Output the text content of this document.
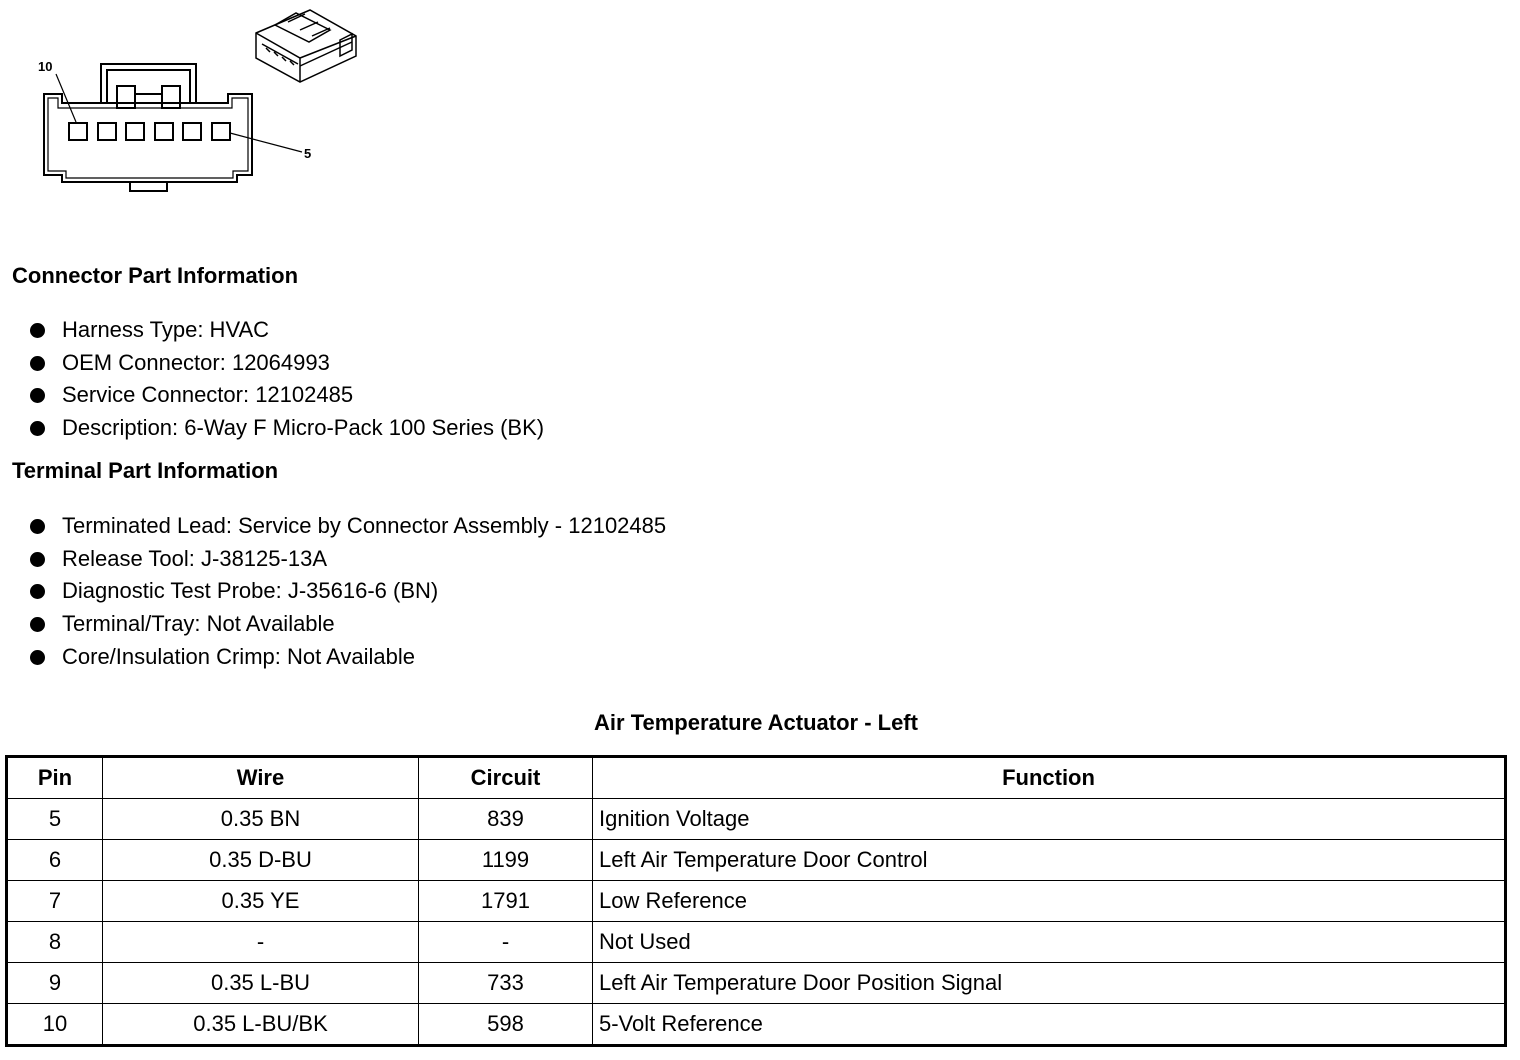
10
5
Connector Part Information
Harness Type: HVAC
OEM Connector: 12064993
Service Connector: 12102485
Description: 6-Way F Micro-Pack 100 Series (BK)
Terminal Part Information
Terminated Lead: Service by Connector Assembly - 12102485
Release Tool: J-38125-13A
Diagnostic Test Probe: J-35616-6 (BN)
Terminal/Tray: Not Available
Core/Insulation Crimp: Not Available
Air Temperature Actuator - Left
Pin	Wire	Circuit	Function
5	0.35 BN	839	Ignition Voltage
6	0.35 D-BU	1199	Left Air Temperature Door Control
7	0.35 YE	1791	Low Reference
8	-	-	Not Used
9	0.35 L-BU	733	Left Air Temperature Door Position Signal
10	0.35 L-BU/BK	598	5-Volt Reference
